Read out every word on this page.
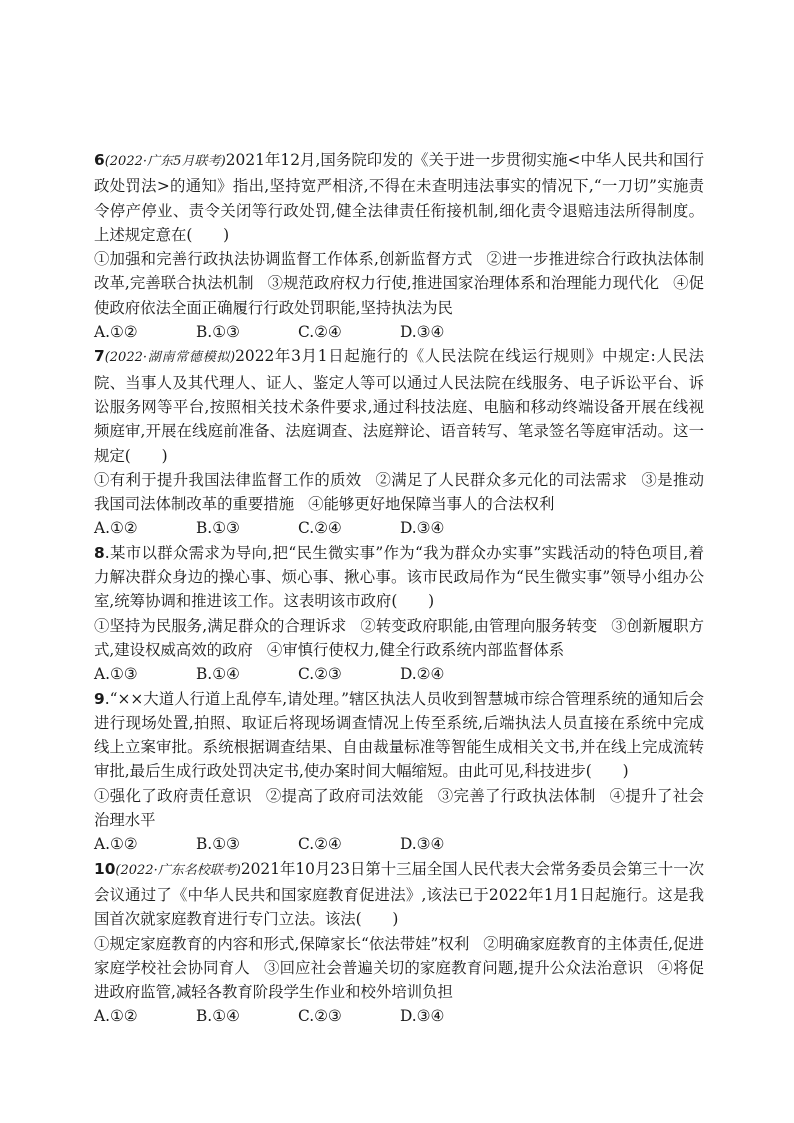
6(2022·广东5月联考)2021年12月,国务院印发的《关于进一步贯彻实施<中华人民共和国行政处罚法>的通知》指出,坚持宽严相济,不得在未查明违法事实的情况下,“一刀切”实施责令停产停业、责令关闭等行政处罚,健全法律责任衔接机制,细化责令退赔违法所得制度。上述规定意在(　　)

①加强和完善行政执法协调监督工作体系,创新监督方式 ②进一步推进综合行政执法体制改革,完善联合执法机制 ③规范政府权力行使,推进国家治理体系和治理能力现代化 ④促使政府依法全面正确履行行政处罚职能,坚持执法为民

A.①②	B.①③	C.②④	D.③④

7(2022·湖南常德模拟)2022年3月1日起施行的《人民法院在线运行规则》中规定:人民法院、当事人及其代理人、证人、鉴定人等可以通过人民法院在线服务、电子诉讼平台、诉讼服务网等平台,按照相关技术条件要求,通过科技法庭、电脑和移动终端设备开展在线视频庭审,开展在线庭前准备、法庭调查、法庭辩论、语音转写、笔录签名等庭审活动。这一规定(　　)

①有利于提升我国法律监督工作的质效 ②满足了人民群众多元化的司法需求 ③是推动我国司法体制改革的重要措施 ④能够更好地保障当事人的合法权利

A.①②	B.①③	C.②④	D.③④

8.某市以群众需求为导向,把“民生微实事”作为“我为群众办实事”实践活动的特色项目,着力解决群众身边的操心事、烦心事、揪心事。该市民政局作为“民生微实事”领导小组办公室,统筹协调和推进该工作。这表明该市政府(　　)

①坚持为民服务,满足群众的合理诉求 ②转变政府职能,由管理向服务转变 ③创新履职方式,建设权威高效的政府 ④审慎行使权力,健全行政系统内部监督体系

A.①③	B.①④	C.②③	D.②④

9.“××大道人行道上乱停车,请处理。”辖区执法人员收到智慧城市综合管理系统的通知后会进行现场处置,拍照、取证后将现场调查情况上传至系统,后端执法人员直接在系统中完成线上立案审批。系统根据调查结果、自由裁量标准等智能生成相关文书,并在线上完成流转审批,最后生成行政处罚决定书,使办案时间大幅缩短。由此可见,科技进步(　　)

①强化了政府责任意识 ②提高了政府司法效能 ③完善了行政执法体制 ④提升了社会治理水平

A.①②	B.①③	C.②④	D.③④

10(2022·广东名校联考)2021年10月23日第十三届全国人民代表大会常务委员会第三十一次会议通过了《中华人民共和国家庭教育促进法》,该法已于2022年1月1日起施行。这是我国首次就家庭教育进行专门立法。该法(　　)

①规定家庭教育的内容和形式,保障家长“依法带娃”权利 ②明确家庭教育的主体责任,促进家庭学校社会协同育人 ③回应社会普遍关切的家庭教育问题,提升公众法治意识 ④将促进政府监管,减轻各教育阶段学生作业和校外培训负担

A.①②	B.①④	C.②③	D.③④
